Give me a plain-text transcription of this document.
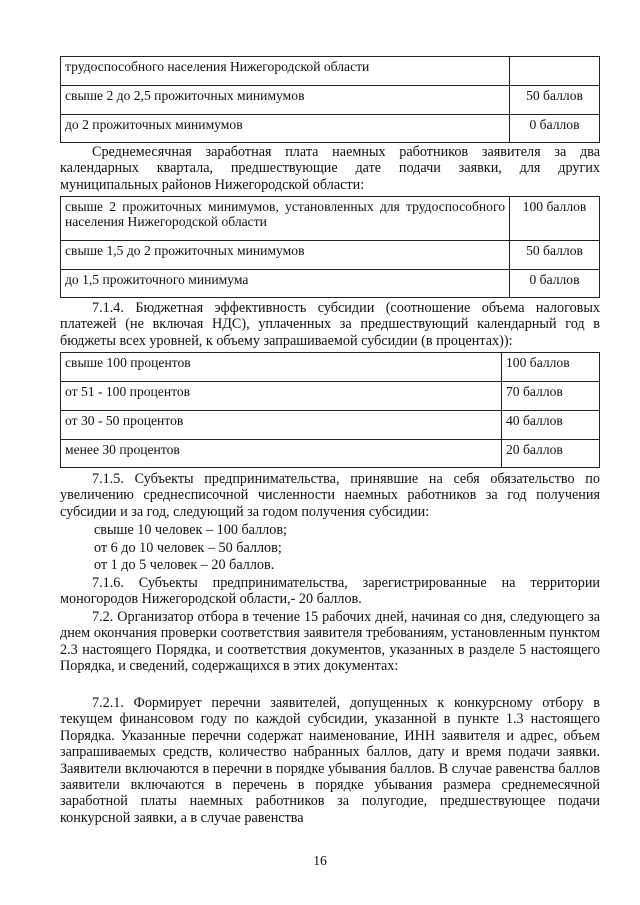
трудоспособного населения Нижегородской области	
свыше 2 до 2,5 прожиточных минимумов	50 баллов
до 2 прожиточных минимумов	0 баллов

Среднемесячная заработная плата наемных работников заявителя за два календарных квартала, предшествующие дате подачи заявки, для других муниципальных районов Нижегородской области:

свыше 2 прожиточных минимумов, установленных для трудоспособного населения Нижегородской области	100 баллов
свыше 1,5 до 2 прожиточных минимумов	50 баллов
до 1,5 прожиточного минимума	0 баллов

7.1.4. Бюджетная эффективность субсидии (соотношение объема налоговых платежей (не включая НДС), уплаченных за предшествующий календарный год в бюджеты всех уровней, к объему запрашиваемой субсидии (в процентах)):

свыше 100 процентов	100 баллов
от 51 - 100 процентов	70 баллов
от 30 - 50 процентов	40 баллов
менее 30 процентов	20 баллов

7.1.5. Субъекты предпринимательства, принявшие на себя обязательство по увеличению среднесписочной численности наемных работников за год получения субсидии и за год, следующий за годом получения субсидии:

свыше 10 человек – 100 баллов;
от 6 до 10 человек – 50 баллов;
от 1 до 5 человек – 20 баллов.

7.1.6. Субъекты предпринимательства, зарегистрированные на территории моногородов Нижегородской области,- 20 баллов.

7.2. Организатор отбора в течение 15 рабочих дней, начиная со дня, следующего за днем окончания проверки соответствия заявителя требованиям, установленным пунктом 2.3 настоящего Порядка, и соответствия документов, указанных в разделе 5 настоящего Порядка, и сведений, содержащихся в этих документах:

7.2.1. Формирует перечни заявителей, допущенных к конкурсному отбору в текущем финансовом году по каждой субсидии, указанной в пункте 1.3 настоящего Порядка. Указанные перечни содержат наименование, ИНН заявителя и адрес, объем запрашиваемых средств, количество набранных баллов, дату и время подачи заявки. Заявители включаются в перечни в порядке убывания баллов. В случае равенства баллов заявители включаются в перечень в порядке убывания размера среднемесячной заработной платы наемных работников за полугодие, предшествующее подачи конкурсной заявки, а в случае равенства

16
